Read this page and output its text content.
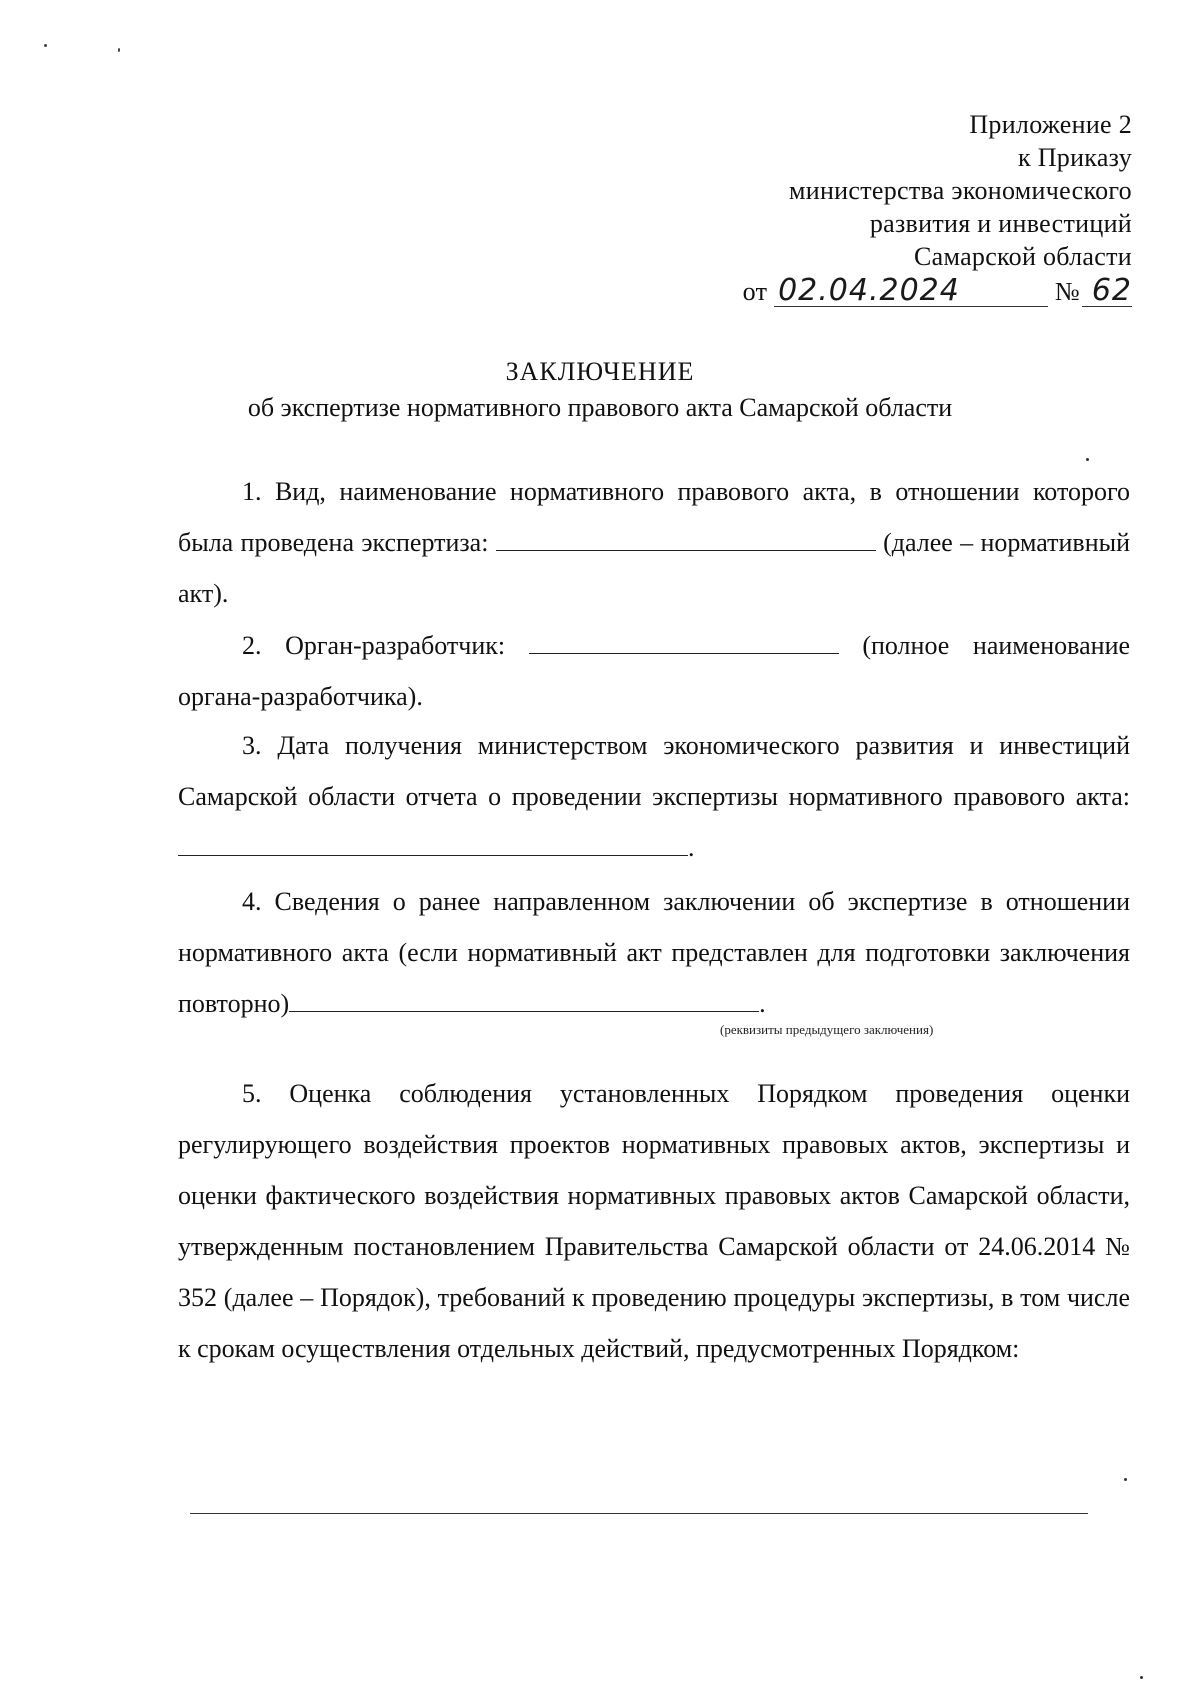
Приложение 2
к Приказу
министерства экономического
развития и инвестиций
Самарской области
от 02.04.2024	№ 62
ЗАКЛЮЧЕНИЕ
об экспертизе нормативного правового акта Самарской области
1. Вид, наименование нормативного правового акта, в отношении которого была проведена экспертиза:	(далее – нормативный акт).
2. Орган-разработчик:	(полное наименование органа-разработчика).
3. Дата получения министерством экономического развития и инвестиций Самарской области отчета о проведении экспертизы нормативного правового акта: .
4. Сведения о ранее направленном заключении об экспертизе в отношении нормативного акта (если нормативный акт представлен для подготовки заключения повторно)	.
(реквизиты предыдущего заключения)
5. Оценка соблюдения установленных Порядком проведения оценки регулирующего воздействия проектов нормативных правовых актов, экспертизы и оценки фактического воздействия нормативных правовых актов Самарской области, утвержденным постановлением Правительства Самарской области от 24.06.2014 № 352 (далее – Порядок), требований к проведению процедуры экспертизы, в том числе к срокам осуществления отдельных действий, предусмотренных Порядком:
